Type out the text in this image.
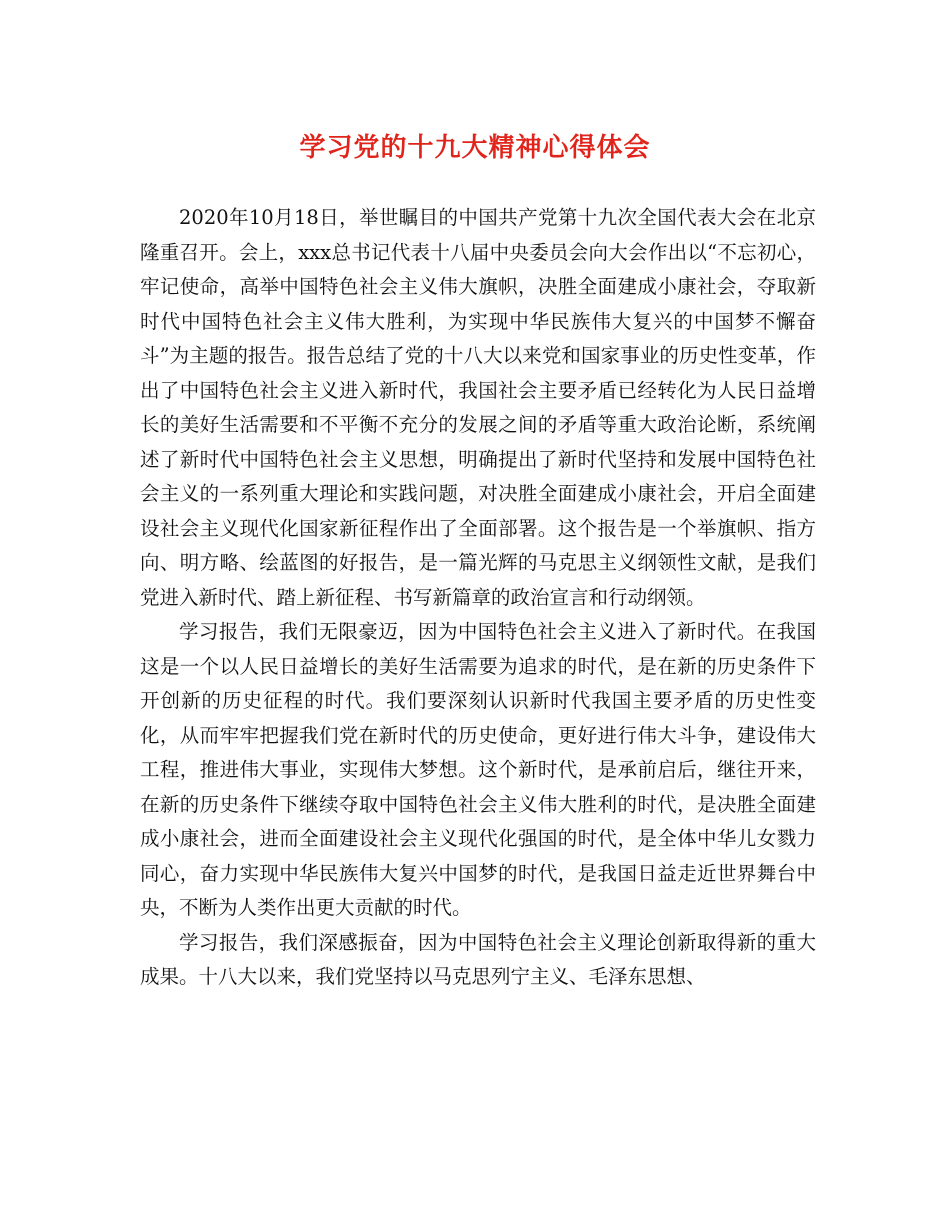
学习党的十九大精神心得体会

2020年10月18日，举世瞩目的中国共产党第十九次全国代表大会在北京隆重召开。会上，xxx总书记代表十八届中央委员会向大会作出以“不忘初心，牢记使命，高举中国特色社会主义伟大旗帜，决胜全面建成小康社会，夺取新时代中国特色社会主义伟大胜利，为实现中华民族伟大复兴的中国梦不懈奋斗”为主题的报告。报告总结了党的十八大以来党和国家事业的历史性变革，作出了中国特色社会主义进入新时代，我国社会主要矛盾已经转化为人民日益增长的美好生活需要和不平衡不充分的发展之间的矛盾等重大政治论断，系统阐述了新时代中国特色社会主义思想，明确提出了新时代坚持和发展中国特色社会主义的一系列重大理论和实践问题，对决胜全面建成小康社会，开启全面建设社会主义现代化国家新征程作出了全面部署。这个报告是一个举旗帜、指方向、明方略、绘蓝图的好报告，是一篇光辉的马克思主义纲领性文献，是我们党进入新时代、踏上新征程、书写新篇章的政治宣言和行动纲领。

学习报告，我们无限豪迈，因为中国特色社会主义进入了新时代。在我国这是一个以人民日益增长的美好生活需要为追求的时代，是在新的历史条件下开创新的历史征程的时代。我们要深刻认识新时代我国主要矛盾的历史性变化，从而牢牢把握我们党在新时代的历史使命，更好进行伟大斗争，建设伟大工程，推进伟大事业，实现伟大梦想。这个新时代，是承前启后，继往开来，在新的历史条件下继续夺取中国特色社会主义伟大胜利的时代，是决胜全面建成小康社会，进而全面建设社会主义现代化强国的时代，是全体中华儿女戮力同心，奋力实现中华民族伟大复兴中国梦的时代，是我国日益走近世界舞台中央，不断为人类作出更大贡献的时代。

学习报告，我们深感振奋，因为中国特色社会主义理论创新取得新的重大成果。十八大以来，我们党坚持以马克思列宁主义、毛泽东思想、
